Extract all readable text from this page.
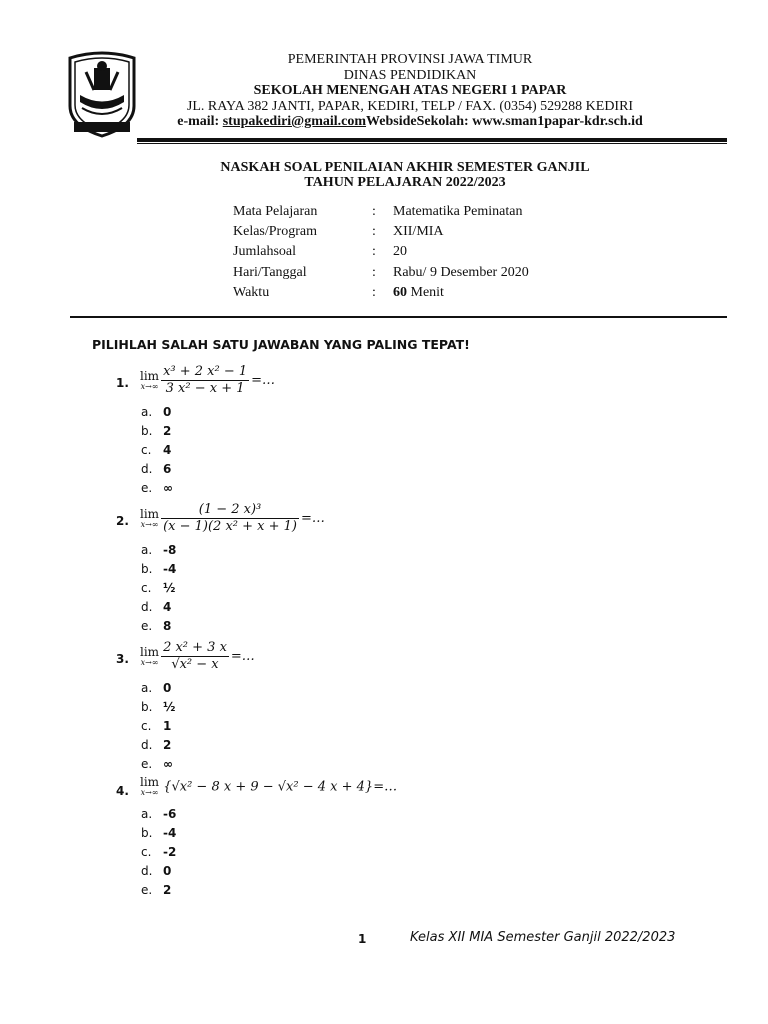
PEMERINTAH PROVINSI JAWA TIMUR
DINAS PENDIDIKAN
SEKOLAH MENENGAH ATAS NEGERI 1 PAPAR
JL. RAYA 382 JANTI, PAPAR, KEDIRI, TELP / FAX. (0354) 529288 KEDIRI
e-mail: stupakediri@gmail.comWebsideSekolah: www.sman1papar-kdr.sch.id
NASKAH SOAL PENILAIAN AKHIR SEMESTER GANJIL
TAHUN PELAJARAN 2022/2023
Mata Pelajaran	: Matematika Peminatan
Kelas/Program	: XII/MIA
Jumlahsoal	: 20
Hari/Tanggal	: Rabu/ 9 Desember 2020
Waktu	: 60 Menit
PILIHLAH SALAH SATU JAWABAN YANG PALING TEPAT!
1.
lim
$x\to\infty \frac{\text{x³ + 2 x² − 1}}{\text{3 x² − x + 1}}$ =…
a. 0
b. 2
c. 4
d. 6
e. ∞
2.
lim
$x\to\infty \frac{\text{(1 − 2 x)³}}{\text{(x − 1)(2 x² + x + 1)}}$ =…
a. -8
b. -4
c. ½
d. 4
e. 8
3.
lim
$x\to\infty \frac{\text{2 x² + 3 x}}{\text{√x² − x}}$ =…
a. 0
b. ½
c. 1
d. 2
e. ∞
4.
lim
x→∞ {√x² − 8 x + 9 − √x² − 4 x + 4}=…
a. -6
b. -4
c. -2
d. 0
e. 2
1	Kelas XII MIA Semester Ganjil 2022/2023
